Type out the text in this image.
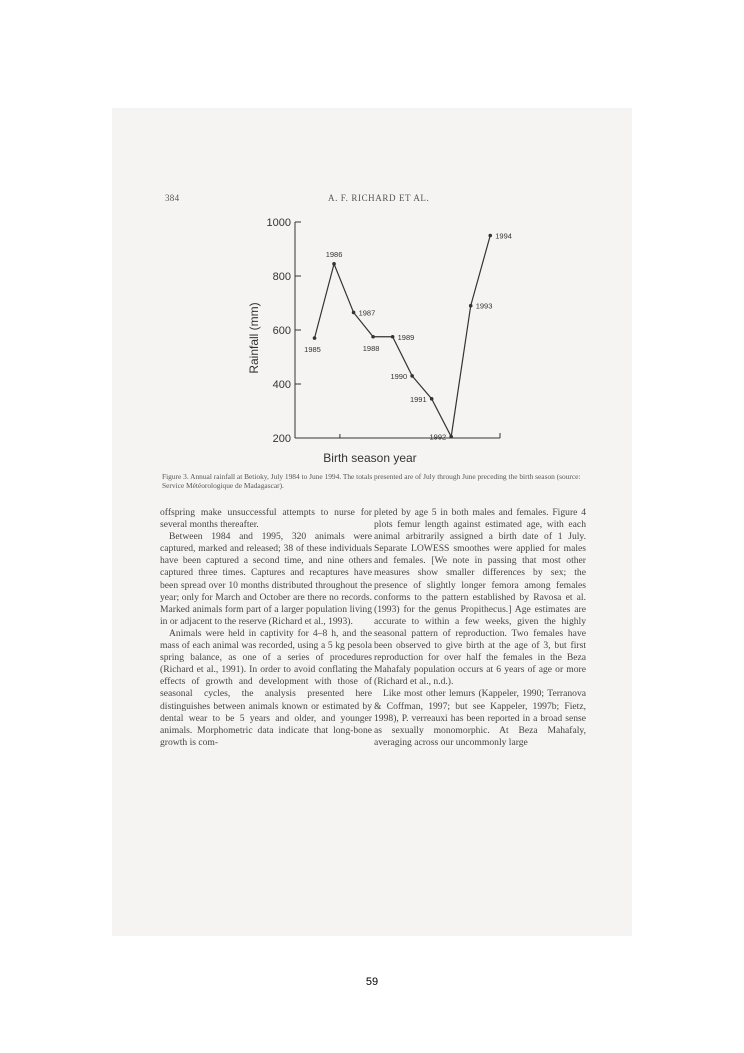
384	A. F. RICHARD ET AL.
200
400
600
800
1000
1985
1986
1987
1988
1989
1990
1991
1992
1993
1994
Rainfall (mm)
Birth season year
Figure 3. Annual rainfall at Betioky, July 1984 to June 1994. The totals presented are of July through June preceding the birth season (source: Service Météorologique de Madagascar).

offspring make unsuccessful attempts to nurse for several months thereafter.

Between 1984 and 1995, 320 animals were captured, marked and released; 38 of these individuals have been captured a second time, and nine others captured three times. Captures and recaptures have been spread over 10 months distributed throughout the year; only for March and October are there no records. Marked animals form part of a larger population living in or adjacent to the reserve (Richard et al., 1993).

Animals were held in captivity for 4–8 h, and the mass of each animal was recorded, using a 5 kg pesola spring balance, as one of a series of procedures (Richard et al., 1991). In order to avoid conflating the effects of growth and development with those of seasonal cycles, the analysis presented here distinguishes between animals known or estimated by dental wear to be 5 years and older, and younger animals. Morphometric data indicate that long-bone growth is com-

pleted by age 5 in both males and females. Figure 4 plots femur length against estimated age, with each animal arbitrarily assigned a birth date of 1 July. Separate LOWESS smoothes were applied for males and females. [We note in passing that most other measures show smaller differences by sex; the presence of slightly longer femora among females conforms to the pattern established by Ravosa et al. (1993) for the genus Propithecus.] Age estimates are accurate to within a few weeks, given the highly seasonal pattern of reproduction. Two females have been observed to give birth at the age of 3, but first reproduction for over half the females in the Beza Mahafaly population occurs at 6 years of age or more (Richard et al., n.d.).

Like most other lemurs (Kappeler, 1990; Terranova & Coffman, 1997; but see Kappeler, 1997b; Fietz, 1998), P. verreauxi has been reported in a broad sense as sexually monomorphic. At Beza Mahafaly, averaging across our uncommonly large

59
